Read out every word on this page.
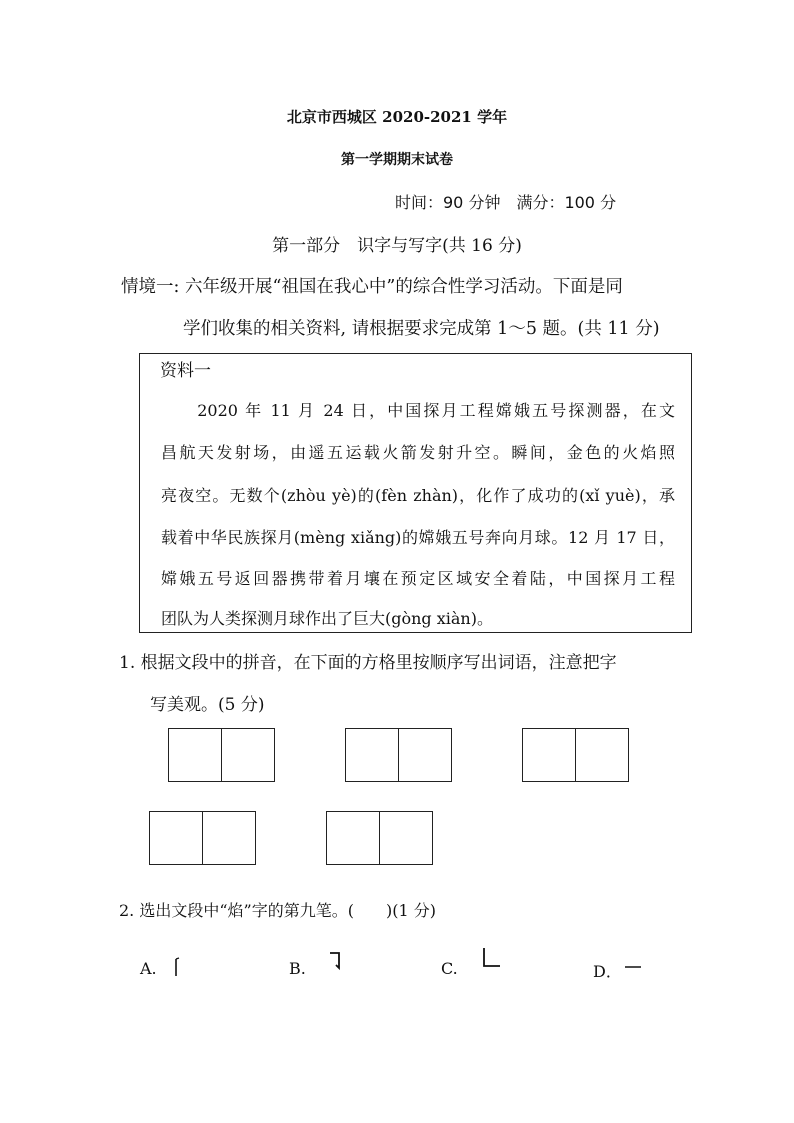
北京市西城区 2020-2021 学年
第一学期期末试卷
时间：90 分钟　满分：100 分
第一部分　识字与写字(共 16 分)
情境一: 六年级开展“祖国在我心中”的综合性学习活动。下面是同
学们收集的相关资料, 请根据要求完成第 1～5 题。(共 11 分)
资料一
　　2020 年 11 月 24 日，中国探月工程嫦娥五号探测器，在文
昌航天发射场，由遥五运载火箭发射升空。瞬间，金色的火焰照
亮夜空。无数个(zhòu yè)的(fèn zhàn)，化作了成功的(xǐ yuè)，承
载着中华民族探月(mèng xiǎng)的嫦娥五号奔向月球。12 月 17 日，
嫦娥五号返回器携带着月壤在预定区域安全着陆，中国探月工程
团队为人类探测月球作出了巨大(gòng xiàn)。
1. 根据文段中的拼音，在下面的方格里按顺序写出词语，注意把字
写美观。(5 分)
2. 选出文段中“焰”字的第九笔。(　　)(1 分)
A.	B.	C.	D．
